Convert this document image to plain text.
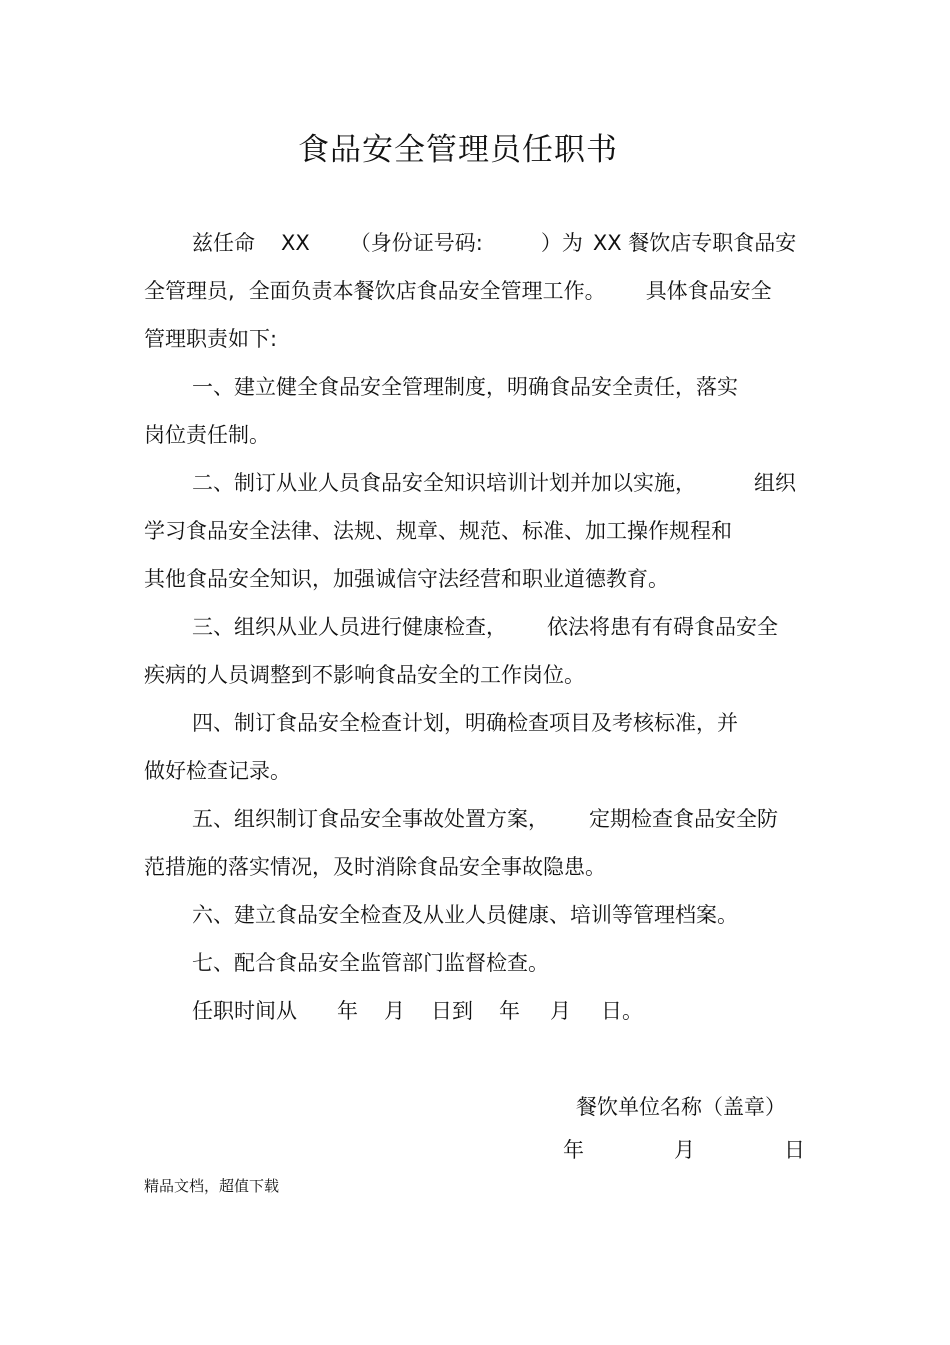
食品安全管理员任职书
兹任命 XX （身份证号码:	）为 XX 餐饮店专职食品安
全管理员, 全面负责本餐饮店食品安全管理工作。 具体食品安全
管理职责如下:
一、建立健全食品安全管理制度，明确食品安全责任，落实
岗位责任制。
二、制订从业人员食品安全知识培训计划并加以实施，	组织
学习食品安全法律、法规、规章、规范、标准、加工操作规程和
其他食品安全知识，加强诚信守法经营和职业道德教育。
三、组织从业人员进行健康检查， 依法将患有有碍食品安全
疾病的人员调整到不影响食品安全的工作岗位。
四、制订食品安全检查计划，明确检查项目及考核标准，并
做好检查记录。
五、组织制订食品安全事故处置方案， 定期检查食品安全防
范措施的落实情况，及时消除食品安全事故隐患。
六、建立食品安全检查及从业人员健康、培训等管理档案。
七、配合食品安全监管部门监督检查。
任职时间从 年 月 日到 年 月 日。
餐饮单位名称（盖章）
年	月	日
精品文档，超值下载
